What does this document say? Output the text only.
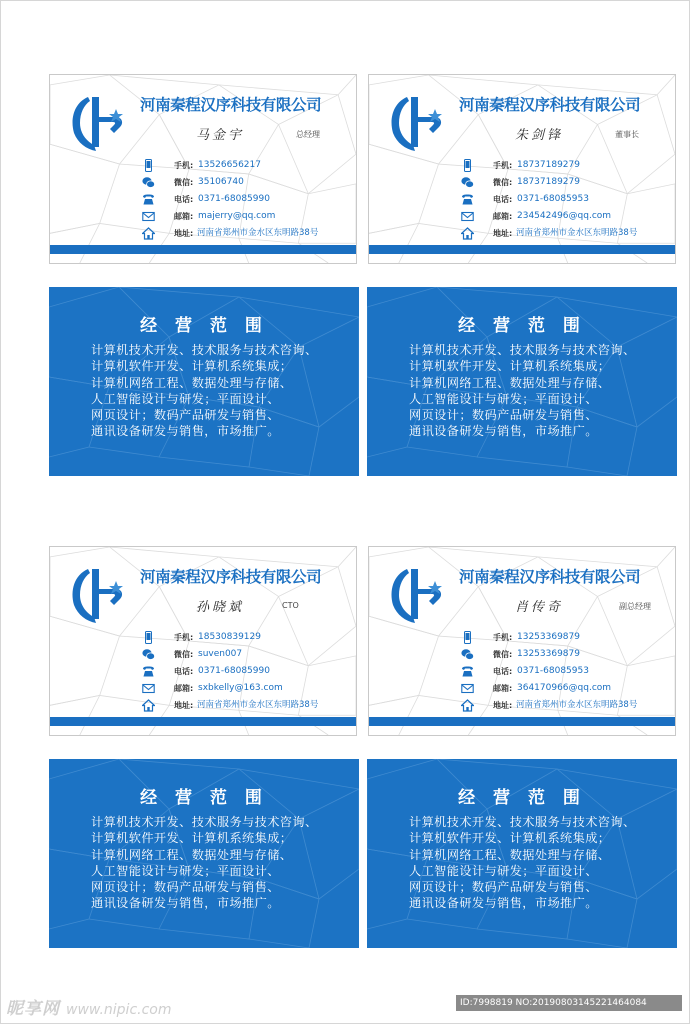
河南秦程汉序科技有限公司
马金宇	总经理
手机: 13526656217
微信: 35106740
电话: 0371-68085990
邮箱: majerry@qq.com
地址: 河南省郑州市金水区东明路38号
河南秦程汉序科技有限公司
朱剑锋	董事长
手机: 18737189279
微信: 18737189279
电话: 0371-68085953
邮箱: 234542496@qq.com
地址: 河南省郑州市金水区东明路38号
河南秦程汉序科技有限公司
孙晓斌	CTO
手机: 18530839129
微信: suven007
电话: 0371-68085990
邮箱: sxbkelly@163.com
地址: 河南省郑州市金水区东明路38号
河南秦程汉序科技有限公司
肖传奇	副总经理
手机: 13253369879
微信: 13253369879
电话: 0371-68085953
邮箱: 364170966@qq.com
地址: 河南省郑州市金水区东明路38号
经 营 范 围
计算机技术开发、技术服务与技术咨询、
计算机软件开发、计算机系统集成；
计算机网络工程、数据处理与存储、
人工智能设计与研发；平面设计、
网页设计；数码产品研发与销售、
通讯设备研发与销售，市场推广。
经 营 范 围
计算机技术开发、技术服务与技术咨询、
计算机软件开发、计算机系统集成；
计算机网络工程、数据处理与存储、
人工智能设计与研发；平面设计、
网页设计；数码产品研发与销售、
通讯设备研发与销售，市场推广。
经 营 范 围
计算机技术开发、技术服务与技术咨询、
计算机软件开发、计算机系统集成；
计算机网络工程、数据处理与存储、
人工智能设计与研发；平面设计、
网页设计；数码产品研发与销售、
通讯设备研发与销售，市场推广。
经 营 范 围
计算机技术开发、技术服务与技术咨询、
计算机软件开发、计算机系统集成；
计算机网络工程、数据处理与存储、
人工智能设计与研发；平面设计、
网页设计；数码产品研发与销售、
通讯设备研发与销售，市场推广。
昵享网 www.nipic.com	ID:7998819 NO:20190803145221464084
